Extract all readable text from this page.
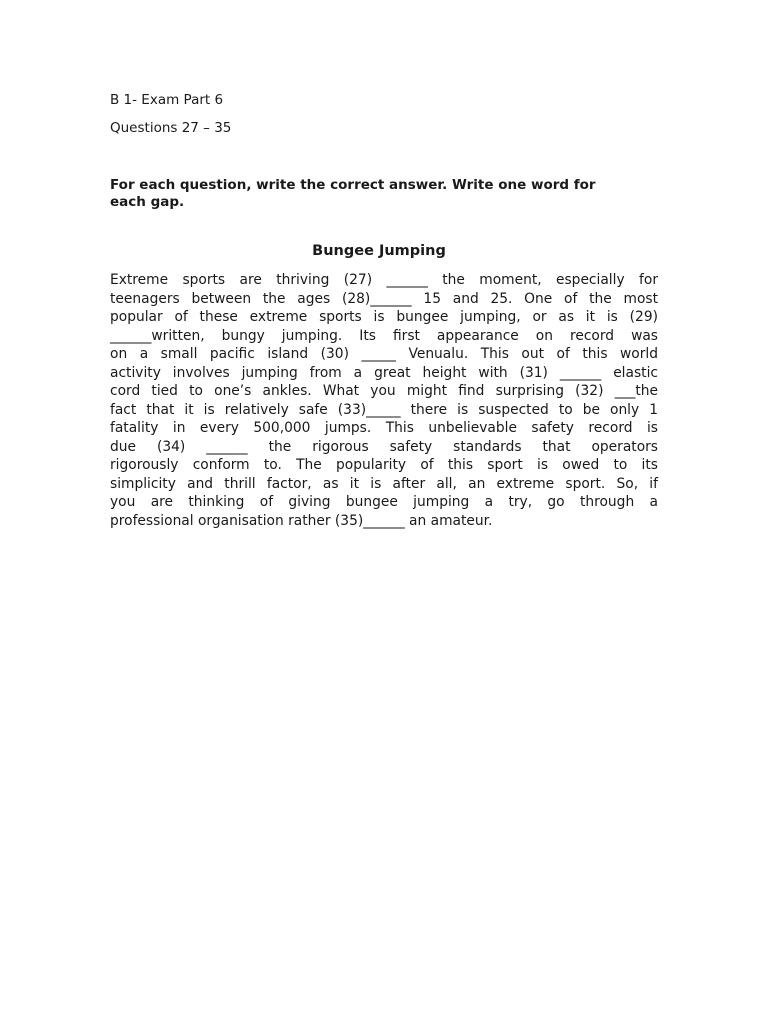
B 1- Exam Part 6
Questions 27 – 35
For each question, write the correct answer. Write one word for each gap.
Bungee Jumping
Extreme sports are thriving (27) ______ the moment, especially for
teenagers between the ages (28)______ 15 and 25. One of the most
popular of these extreme sports is bungee jumping, or as it is (29)
______written, bungy jumping. Its first appearance on record was
on a small pacific island (30) _____ Venualu. This out of this world
activity involves jumping from a great height with (31) ______ elastic
cord tied to one’s ankles. What you might find surprising (32) ___the
fact that it is relatively safe (33)_____ there is suspected to be only 1
fatality in every 500,000 jumps. This unbelievable safety record is
due (34) ______ the rigorous safety standards that operators
rigorously conform to. The popularity of this sport is owed to its
simplicity and thrill factor, as it is after all, an extreme sport. So, if
you are thinking of giving bungee jumping a try, go through a
professional organisation rather (35)______ an amateur.
